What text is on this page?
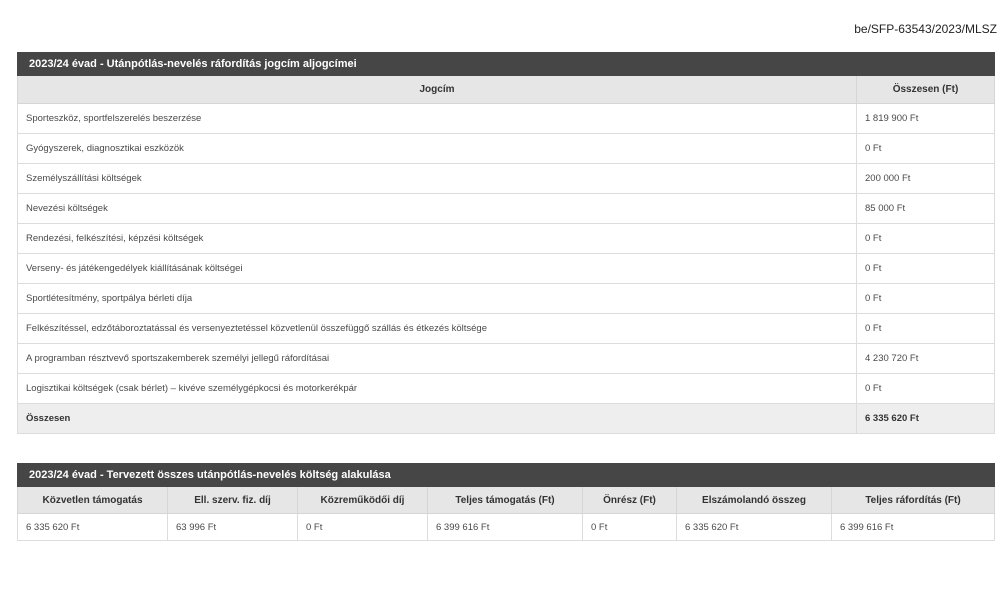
be/SFP-63543/2023/MLSZ
2023/24 évad - Utánpótlás-nevelés ráfordítás jogcím aljogcímei	
Jogcím	Összesen (Ft)
Sporteszköz, sportfelszerelés beszerzése	1 819 900 Ft
Gyógyszerek, diagnosztikai eszközök	0 Ft
Személyszállítási költségek	200 000 Ft
Nevezési költségek	85 000 Ft
Rendezési, felkészítési, képzési költségek	0 Ft
Verseny- és játékengedélyek kiállításának költségei	0 Ft
Sportlétesítmény, sportpálya bérleti díja	0 Ft
Felkészítéssel, edzőtáboroztatással és versenyeztetéssel közvetlenül összefüggő szállás és étkezés költsége	0 Ft
A programban résztvevő sportszakemberek személyi jellegű ráfordításai	4 230 720 Ft
Logisztikai költségek (csak bérlet) – kivéve személygépkocsi és motorkerékpár	0 Ft
Összesen	6 335 620 Ft
2023/24 évad - Tervezett összes utánpótlás-nevelés költség alakulása						
Közvetlen támogatás	Ell. szerv. fiz. díj	Közreműködői díj	Teljes támogatás (Ft)	Önrész (Ft)	Elszámolandó összeg	Teljes ráfordítás (Ft)
6 335 620 Ft	63 996 Ft	0 Ft	6 399 616 Ft	0 Ft	6 335 620 Ft	6 399 616 Ft
